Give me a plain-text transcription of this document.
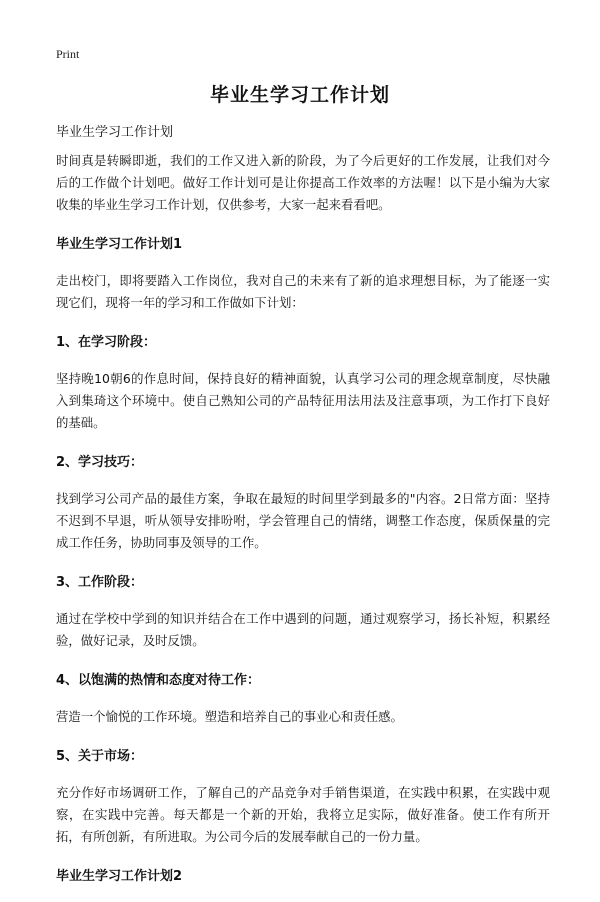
Print
毕业生学习工作计划

毕业生学习工作计划

时间真是转瞬即逝，我们的工作又进入新的阶段，为了今后更好的工作发展，让我们对今后的工作做个计划吧。做好工作计划可是让你提高工作效率的方法喔！以下是小编为大家收集的毕业生学习工作计划，仅供参考，大家一起来看看吧。

毕业生学习工作计划1

走出校门，即将要踏入工作岗位，我对自己的未来有了新的追求理想目标，为了能逐一实现它们，现将一年的学习和工作做如下计划：

1、在学习阶段：

坚持晚10朝6的作息时间，保持良好的精神面貌，认真学习公司的理念规章制度，尽快融入到集琦这个环境中。使自己熟知公司的产品特征用法用法及注意事项，为工作打下良好的基础。

2、学习技巧：

找到学习公司产品的最佳方案，争取在最短的时间里学到最多的"内容。2日常方面：坚持不迟到不早退，听从领导安排吩咐，学会管理自己的情绪，调整工作态度，保质保量的完成工作任务，协助同事及领导的工作。

3、工作阶段：

通过在学校中学到的知识并结合在工作中遇到的问题，通过观察学习，扬长补短，积累经验，做好记录，及时反馈。

4、以饱满的热情和态度对待工作：

营造一个愉悦的工作环境。塑造和培养自己的事业心和责任感。

5、关于市场：

充分作好市场调研工作，了解自己的产品竞争对手销售渠道，在实践中积累，在实践中观察，在实践中完善。每天都是一个新的开始，我将立足实际，做好准备。使工作有所开拓，有所创新，有所进取。为公司今后的发展奉献自己的一份力量。

毕业生学习工作计划2
